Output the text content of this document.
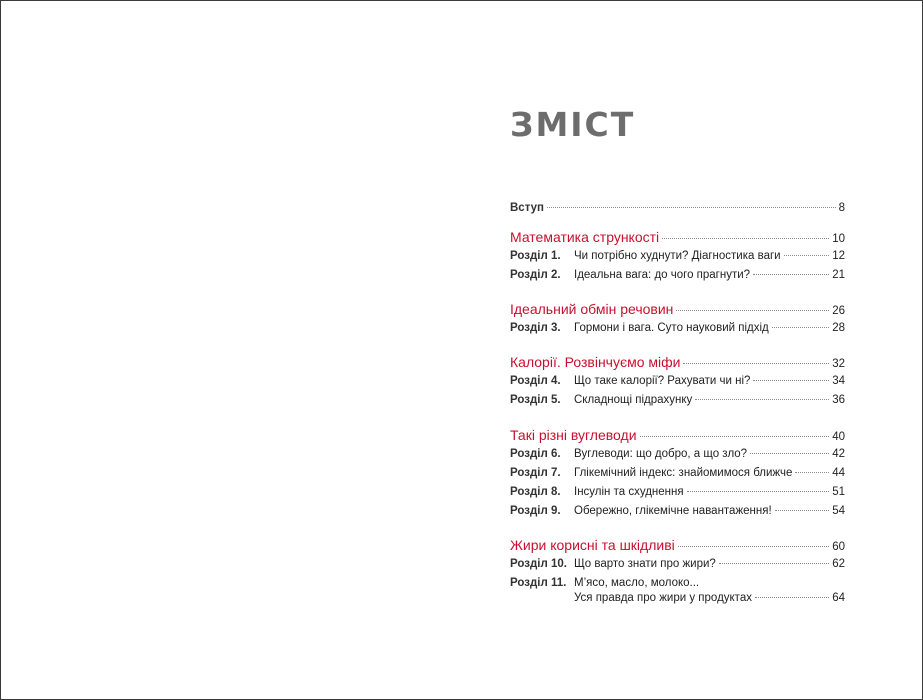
ЗМІСТ
Вступ	8
Математика стрункості	10
Розділ 1.	Чи потрібно худнути? Діагностика ваги	12
Розділ 2.	Ідеальна вага: до чого прагнути?	21
Ідеальний обмін речовин	26
Розділ 3.	Гормони і вага. Суто науковий підхід	28
Калорії. Розвінчуємо міфи	32
Розділ 4.	Що таке калорії? Рахувати чи ні?	34
Розділ 5.	Складнощі підрахунку	36
Такі різні вуглеводи	40
Розділ 6.	Вуглеводи: що добро, а що зло?	42
Розділ 7.	Глікемічний індекс: знайомимося ближче	44
Розділ 8.	Інсулін та схуднення	51
Розділ 9.	Обережно, глікемічне навантаження!	54
Жири корисні та шкідливі	60
Розділ 10. Що варто знати про жири?	62
Розділ 11. М’ясо, масло, молоко...
Уся правда про жири у продуктах	64
